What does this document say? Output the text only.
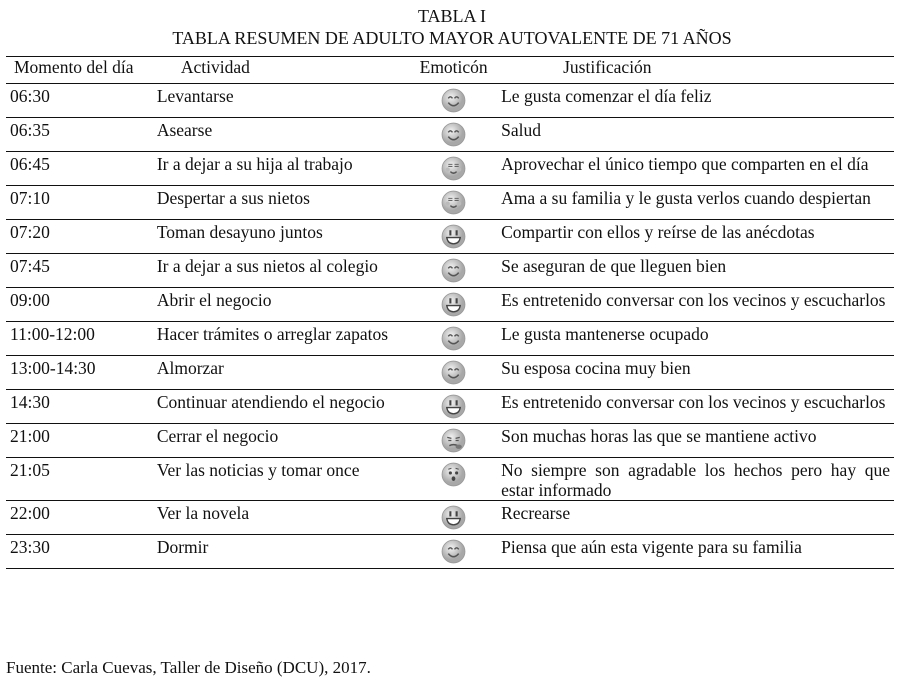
TABLA I
TABLA RESUMEN DE ADULTO MAYOR AUTOVALENTE DE 71 AÑOS
Momento del día	Actividad	Emoticón	Justificación
06:30	Levantarse		Le gusta comenzar el día feliz
06:35	Asearse		Salud
06:45	Ir a dejar a su hija al trabajo		Aprovechar el único tiempo que comparten en el día
07:10	Despertar a sus nietos		Ama a su familia y le gusta verlos cuando despiertan
07:20	Toman desayuno juntos		Compartir con ellos y reírse de las anécdotas
07:45	Ir a dejar a sus nietos al colegio		Se aseguran de que lleguen bien
09:00	Abrir el negocio		Es entretenido conversar con los vecinos y escucharlos
11:00-12:00	Hacer trámites o arreglar zapatos		Le gusta mantenerse ocupado
13:00-14:30	Almorzar		Su esposa cocina muy bien
14:30	Continuar atendiendo el negocio		Es entretenido conversar con los vecinos y escucharlos
21:00	Cerrar el negocio		Son muchas horas las que se mantiene activo
21:05	Ver las noticias y tomar once		No siempre son agradable los hechos pero hay que estar informado
22:00	Ver la novela		Recrearse
23:30	Dormir		Piensa que aún esta vigente para su familia
Fuente: Carla Cuevas, Taller de Diseño (DCU), 2017.
